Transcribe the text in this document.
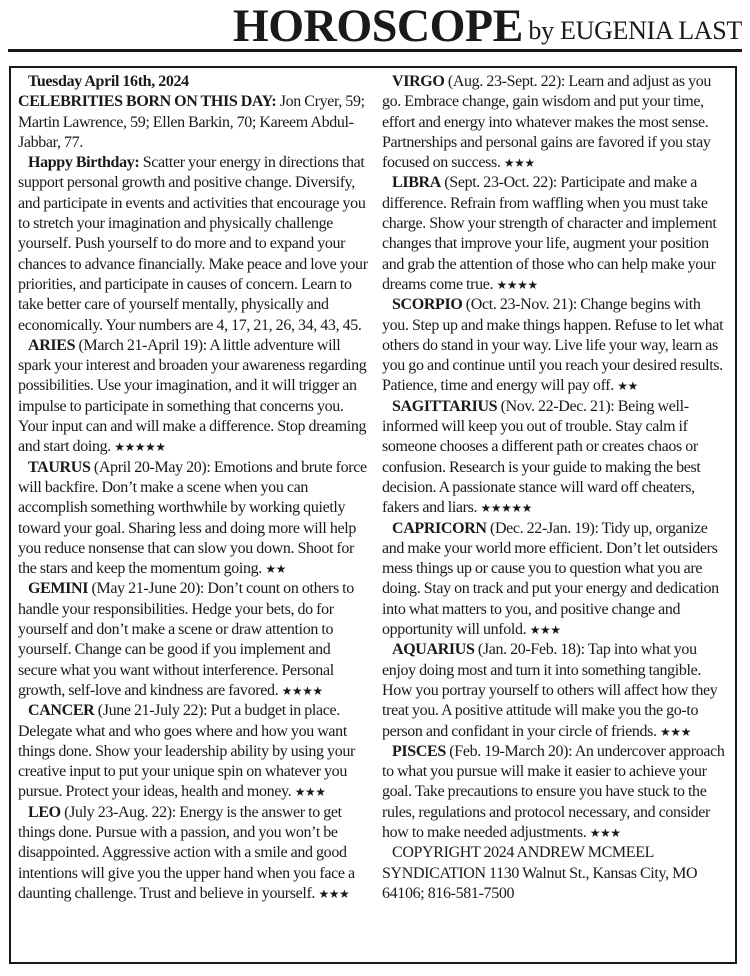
HOROSCOPE by EUGENIA LAST

Tuesday April 16th, 2024

CELEBRITIES BORN ON THIS DAY: Jon Cryer, 59; Martin Lawrence, 59; Ellen Barkin, 70; Kareem Abdul-Jabbar, 77.

Happy Birthday: Scatter your energy in directions that support personal growth and positive change. Diversify, and participate in events and activities that encourage you to stretch your imagination and physically challenge yourself. Push yourself to do more and to expand your chances to advance financially. Make peace and love your priorities, and participate in causes of concern. Learn to take better care of yourself mentally, physically and economically. Your numbers are 4, 17, 21, 26, 34, 43, 45.

ARIES (March 21-April 19): A little adventure will spark your interest and broaden your awareness regarding possibilities. Use your imagination, and it will trigger an impulse to participate in something that concerns you. Your input can and will make a difference. Stop dreaming and start doing. ★★★★★

TAURUS (April 20-May 20): Emotions and brute force will backfire. Don’t make a scene when you can accomplish something worthwhile by working quietly toward your goal. Sharing less and doing more will help you reduce nonsense that can slow you down. Shoot for the stars and keep the momentum going. ★★

GEMINI (May 21-June 20): Don’t count on others to handle your responsibilities. Hedge your bets, do for yourself and don’t make a scene or draw attention to yourself. Change can be good if you implement and secure what you want without interference. Personal growth, self-love and kindness are favored. ★★★★

CANCER (June 21-July 22): Put a budget in place. Delegate what and who goes where and how you want things done. Show your leadership ability by using your creative input to put your unique spin on whatever you pursue. Protect your ideas, health and money. ★★★

LEO (July 23-Aug. 22): Energy is the answer to get things done. Pursue with a passion, and you won’t be disappointed. Aggressive action with a smile and good intentions will give you the upper hand when you face a daunting challenge. Trust and believe in yourself. ★★★

VIRGO (Aug. 23-Sept. 22): Learn and adjust as you go. Embrace change, gain wisdom and put your time, effort and energy into whatever makes the most sense. Partnerships and personal gains are favored if you stay focused on success. ★★★

LIBRA (Sept. 23-Oct. 22): Participate and make a difference. Refrain from waffling when you must take charge. Show your strength of character and implement changes that improve your life, augment your position and grab the attention of those who can help make your dreams come true. ★★★★

SCORPIO (Oct. 23-Nov. 21): Change begins with you. Step up and make things happen. Refuse to let what others do stand in your way. Live life your way, learn as you go and continue until you reach your desired results. Patience, time and energy will pay off. ★★

SAGITTARIUS (Nov. 22-Dec. 21): Being well-informed will keep you out of trouble. Stay calm if someone chooses a different path or creates chaos or confusion. Research is your guide to making the best decision. A passionate stance will ward off cheaters, fakers and liars. ★★★★★

CAPRICORN (Dec. 22-Jan. 19): Tidy up, organize and make your world more efficient. Don’t let outsiders mess things up or cause you to question what you are doing. Stay on track and put your energy and dedication into what matters to you, and positive change and opportunity will unfold. ★★★

AQUARIUS (Jan. 20-Feb. 18): Tap into what you enjoy doing most and turn it into something tangible. How you portray yourself to others will affect how they treat you. A positive attitude will make you the go-to person and confidant in your circle of friends. ★★★

PISCES (Feb. 19-March 20): An undercover approach to what you pursue will make it easier to achieve your goal. Take precautions to ensure you have stuck to the rules, regulations and protocol necessary, and consider how to make needed adjustments. ★★★

COPYRIGHT 2024 ANDREW MCMEEL SYNDICATION 1130 Walnut St., Kansas City, MO 64106; 816-581-7500
